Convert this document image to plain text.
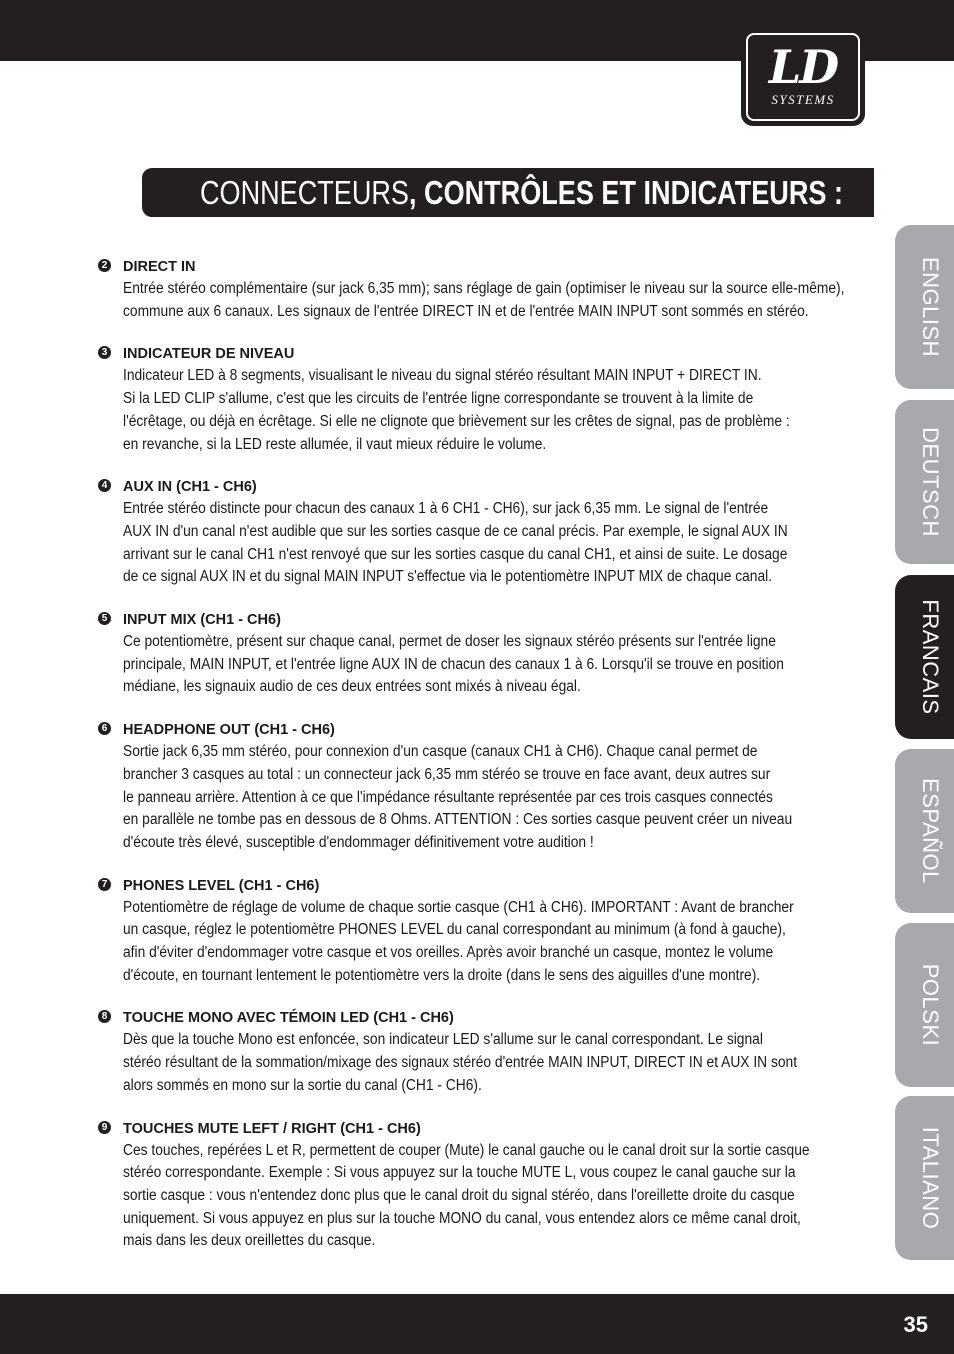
LD
SYSTEMS
CONNECTEURS, CONTRÔLES ET INDICATEURS :
ENGLISH
DEUTSCH
FRANCAIS
ESPAÑOL
POLSKI
ITALIANO
2 DIRECT IN
Entrée stéréo complémentaire (sur jack 6,35 mm); sans réglage de gain (optimiser le niveau sur la source elle-même),
commune aux 6 canaux. Les signaux de l'entrée DIRECT IN et de l'entrée MAIN INPUT sont sommés en stéréo.
3 INDICATEUR DE NIVEAU
Indicateur LED à 8 segments, visualisant le niveau du signal stéréo résultant MAIN INPUT + DIRECT IN.
Si la LED CLIP s'allume, c'est que les circuits de l'entrée ligne correspondante se trouvent à la limite de
l'écrêtage, ou déjà en écrêtage. Si elle ne clignote que brièvement sur les crêtes de signal, pas de problème :
en revanche, si la LED reste allumée, il vaut mieux réduire le volume.
4 AUX IN (CH1 - CH6)
Entrée stéréo distincte pour chacun des canaux 1 à 6 CH1 - CH6), sur jack 6,35 mm. Le signal de l'entrée
AUX IN d'un canal n'est audible que sur les sorties casque de ce canal précis. Par exemple, le signal AUX IN
arrivant sur le canal CH1 n'est renvoyé que sur les sorties casque du canal CH1, et ainsi de suite. Le dosage
de ce signal AUX IN et du signal MAIN INPUT s'effectue via le potentiomètre INPUT MIX de chaque canal.
5 INPUT MIX (CH1 - CH6)
Ce potentiomètre, présent sur chaque canal, permet de doser les signaux stéréo présents sur l'entrée ligne
principale, MAIN INPUT, et l'entrée ligne AUX IN de chacun des canaux 1 à 6. Lorsqu'il se trouve en position
médiane, les signauix audio de ces deux entrées sont mixés à niveau égal.
6 HEADPHONE OUT (CH1 - CH6)
Sortie jack 6,35 mm stéréo, pour connexion d'un casque (canaux CH1 à CH6). Chaque canal permet de
brancher 3 casques au total : un connecteur jack 6,35 mm stéréo se trouve en face avant, deux autres sur
le panneau arrière. Attention à ce que l'impédance résultante représentée par ces trois casques connectés
en parallèle ne tombe pas en dessous de 8 Ohms. ATTENTION : Ces sorties casque peuvent créer un niveau
d'écoute très élevé, susceptible d'endommager définitivement votre audition !
7 PHONES LEVEL (CH1 - CH6)
Potentiomètre de réglage de volume de chaque sortie casque (CH1 à CH6). IMPORTANT : Avant de brancher
un casque, réglez le potentiomètre PHONES LEVEL du canal correspondant au minimum (à fond à gauche),
afin d'éviter d'endommager votre casque et vos oreilles. Après avoir branché un casque, montez le volume
d'écoute, en tournant lentement le potentiomètre vers la droite (dans le sens des aiguilles d'une montre).
8 TOUCHE MONO AVEC TÉMOIN LED (CH1 - CH6)
Dès que la touche Mono est enfoncée, son indicateur LED s'allume sur le canal correspondant. Le signal
stéréo résultant de la sommation/mixage des signaux stéréo d'entrée MAIN INPUT, DIRECT IN et AUX IN sont
alors sommés en mono sur la sortie du canal (CH1 - CH6).
9 TOUCHES MUTE LEFT / RIGHT (CH1 - CH6)
Ces touches, repérées L et R, permettent de couper (Mute) le canal gauche ou le canal droit sur la sortie casque
stéréo correspondante. Exemple : Si vous appuyez sur la touche MUTE L, vous coupez le canal gauche sur la
sortie casque : vous n'entendez donc plus que le canal droit du signal stéréo, dans l'oreillette droite du casque
uniquement. Si vous appuyez en plus sur la touche MONO du canal, vous entendez alors ce même canal droit,
mais dans les deux oreillettes du casque.
35
